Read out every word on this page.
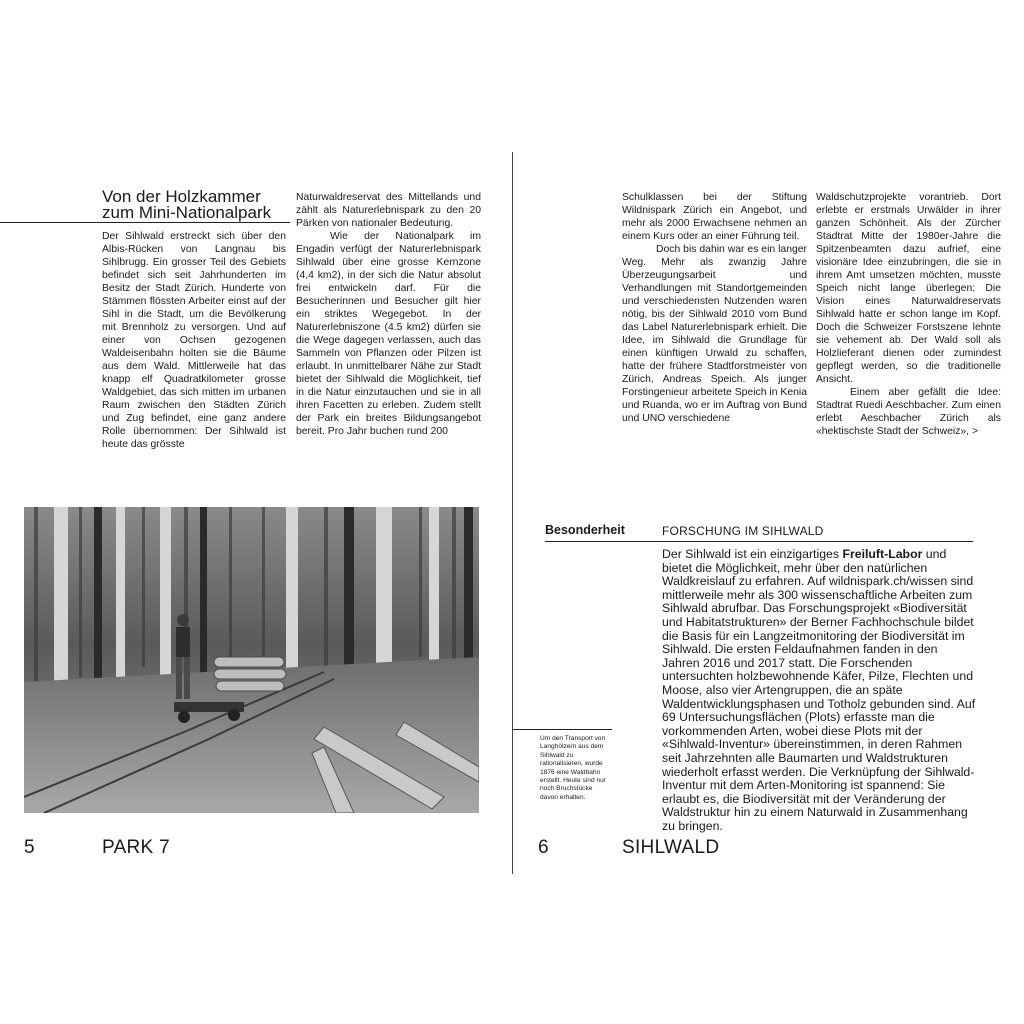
Von der Holzkammer
zum Mini-Nationalpark

Der Sihlwald erstreckt sich über den Albis-Rücken von Langnau bis Sihlbrugg. Ein grosser Teil des Gebiets befindet sich seit Jahrhunderten im Besitz der Stadt Zürich. Hunderte von Stämmen flössten Arbeiter einst auf der Sihl in die Stadt, um die Bevölkerung mit Brennholz zu versorgen. Und auf einer von Ochsen gezogenen Waldeisenbahn holten sie die Bäume aus dem Wald. Mittlerweile hat das knapp elf Quadratkilometer grosse Waldgebiet, das sich mitten im urbanen Raum zwischen den Städten Zürich und Zug befindet, eine ganz andere Rolle übernommen: Der Sihlwald ist heute das grösste

Naturwaldreservat des Mittellands und zählt als Naturerlebnispark zu den 20 Pärken von nationaler Bedeutung.

Wie der Nationalpark im Engadin verfügt der Naturerlebnispark Sihlwald über eine grosse Kernzone (4,4 km2), in der sich die Natur absolut frei entwickeln darf. Für die Besucherinnen und Besucher gilt hier ein striktes Wegegebot. In der Naturerlebniszone (4.5 km2) dürfen sie die Wege dagegen verlassen, auch das Sammeln von Pflanzen oder Pilzen ist erlaubt. In unmittelbarer Nähe zur Stadt bietet der Sihlwald die Möglichkeit, tief in die Natur einzutauchen und sie in all ihren Facetten zu erleben. Zudem stellt der Park ein breites Bildungsangebot bereit. Pro Jahr buchen rund 200

5	PARK 7

Schulklassen bei der Stiftung Wildnispark Zürich ein Angebot, und mehr als 2000 Erwachsene nehmen an einem Kurs oder an einer Führung teil.

Doch bis dahin war es ein langer Weg. Mehr als zwanzig Jahre Überzeugungsarbeit und Verhandlungen mit Standortgemeinden und verschiedensten Nutzenden waren nötig, bis der Sihlwald 2010 vom Bund das Label Naturerlebnispark erhielt. Die Idee, im Sihlwald die Grundlage für einen künftigen Urwald zu schaffen, hatte der frühere Stadtforstmeister von Zürich, Andreas Speich. Als junger Forstingenieur arbeitete Speich in Kenia und Ruanda, wo er im Auftrag von Bund und UNO verschiedene

Waldschutzprojekte vorantrieb. Dort erlebte er erstmals Urwälder in ihrer ganzen Schönheit. Als der Zürcher Stadtrat Mitte der 1980er-Jahre die Spitzenbeamten dazu aufrief, eine visionäre Idee einzubringen, die sie in ihrem Amt umsetzen möchten, musste Speich nicht lange überlegen: Die Vision eines Naturwaldreservats Sihlwald hatte er schon lange im Kopf. Doch die Schweizer Forstszene lehnte sie vehement ab. Der Wald soll als Holzlieferant dienen oder zumindest gepflegt werden, so die traditionelle Ansicht.

Einem aber gefällt die Idee: Stadtrat Ruedi Aeschbacher. Zum einen erlebt Aeschbacher Zürich als «hektischste Stadt der Schweiz», >

Besonderheit	FORSCHUNG IM SIHLWALD
Der Sihlwald ist ein einzigartiges Freiluft-Labor und bietet die Möglichkeit, mehr über den natürlichen Waldkreislauf zu erfahren. Auf wildnispark.ch/wissen sind mittlerweile mehr als 300 wissenschaftliche Arbeiten zum Sihlwald abrufbar. Das Forschungsprojekt «Biodiversität und Habitatstrukturen» der Berner Fachhochschule bildet die Basis für ein Langzeitmonitoring der Biodiversität im Sihlwald. Die ersten Feldaufnahmen fanden in den Jahren 2016 und 2017 statt. Die Forschenden untersuchten holzbewohnende Käfer, Pilze, Flechten und Moose, also vier Artengruppen, die an späte Waldentwicklungsphasen und Totholz gebunden sind. Auf 69 Untersuchungsflächen (Plots) erfasste man die vorkommenden Arten, wobei diese Plots mit der «Sihlwald-Inventur» übereinstimmen, in deren Rahmen seit Jahrzehnten alle Baumarten und Waldstrukturen wiederholt erfasst werden. Die Verknüpfung der Sihlwald-Inventur mit dem Arten-Monitoring ist spannend: Sie erlaubt es, die Biodiversität mit der Veränderung der Waldstruktur hin zu einem Naturwald in Zusammenhang zu bringen.
Um den Transport von Langhölzern aus dem Sihlwald zu rationalisieren, wurde 1876 eine Waldbahn erstellt. Heute sind nur noch Bruchstücke davon erhalten.
6	SIHLWALD
